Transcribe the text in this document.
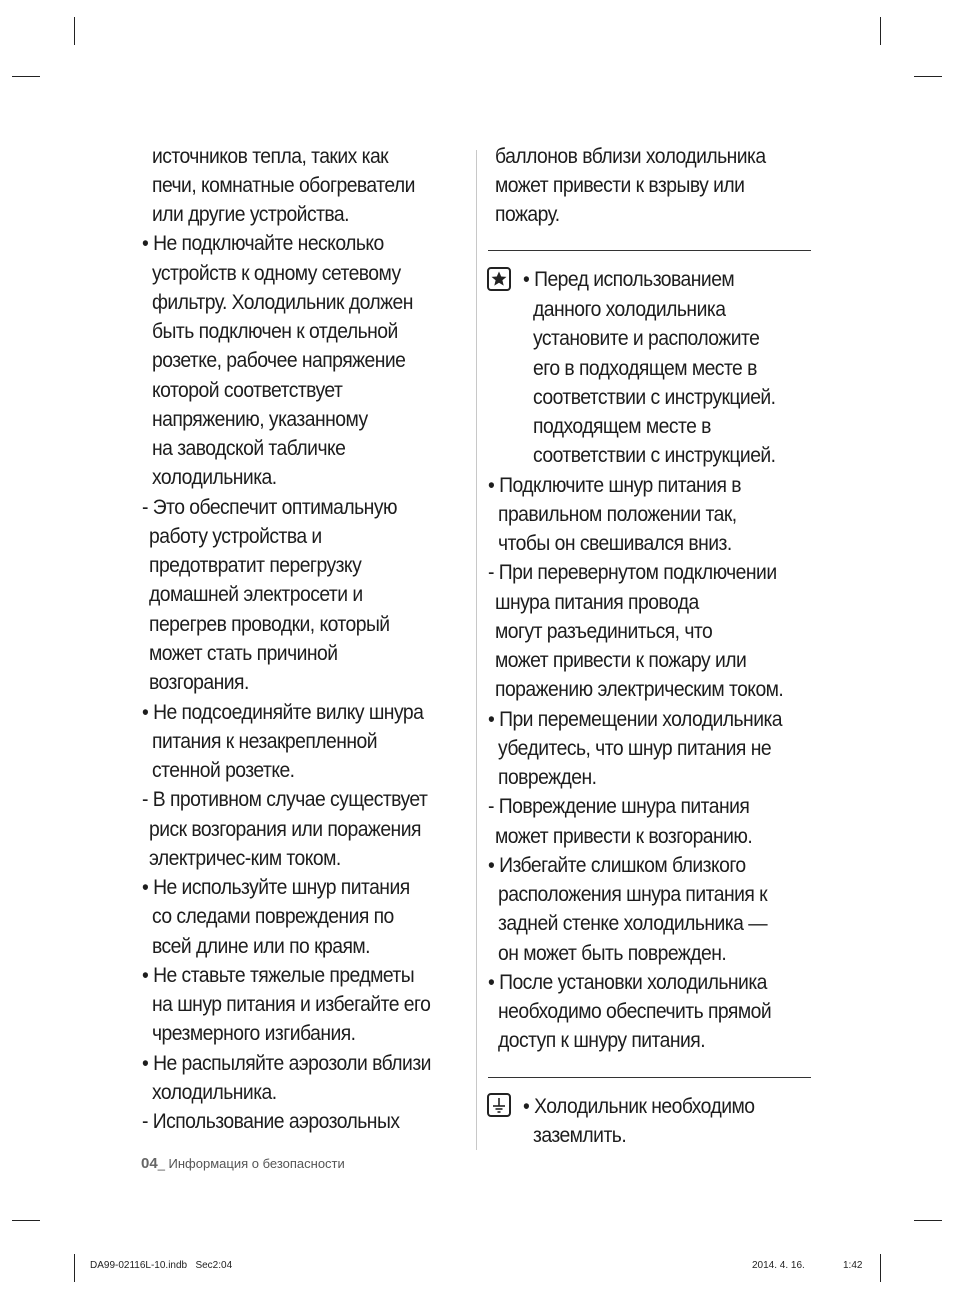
источников тепла, таких как
печи, комнатные обогреватели
или другие устройства.
• Не подключайте несколько
устройств к одному сетевому
фильтру. Холодильник должен
быть подключен к отдельной
розетке, рабочее напряжение
которой соответствует
напряжению, указанному
на заводской табличке
холодильника.
- Это обеспечит оптимальную
работу устройства и
предотвратит перегрузку
домашней электросети и
перегрев проводки, который
может стать причиной
возгорания.
• Не подсоединяйте вилку шнура
питания к незакрепленной
стенной розетке.
- В противном случае существует
риск возгорания или поражения
электричес-ким током.
• Не используйте шнур питания
со следами повреждения по
всей длине или по краям.
• Не ставьте тяжелые предметы
на шнур питания и избегайте его
чрезмерного изгибания.
• Не распыляйте аэрозоли вблизи
холодильника.
- Использование аэрозольных
баллонов вблизи холодильника
может привести к взрыву или
пожару.
• Перед использованием
данного холодильника
установите и расположите
его в подходящем месте в
соответствии с инструкцией.
подходящем месте в
соответствии с инструкцией.
• Подключите шнур питания в
правильном положении так,
чтобы он свешивался вниз.
- При перевернутом подключении
шнура питания провода
могут разъединиться, что
может привести к пожару или
поражению электрическим током.
• При перемещении холодильника
убедитесь, что шнур питания не
поврежден.
- Повреждение шнура питания
может привести к возгоранию.
• Избегайте слишком близкого
расположения шнура питания к
задней стенке холодильника —
он может быть поврежден.
• После установки холодильника
необходимо обеспечить прямой
доступ к шнуру питания.
• Холодильник необходимо
заземлить.
04_ Информация о безопасности
DA99-02116L-10.indb   Sec2:04	2014. 4. 16.	1:42
